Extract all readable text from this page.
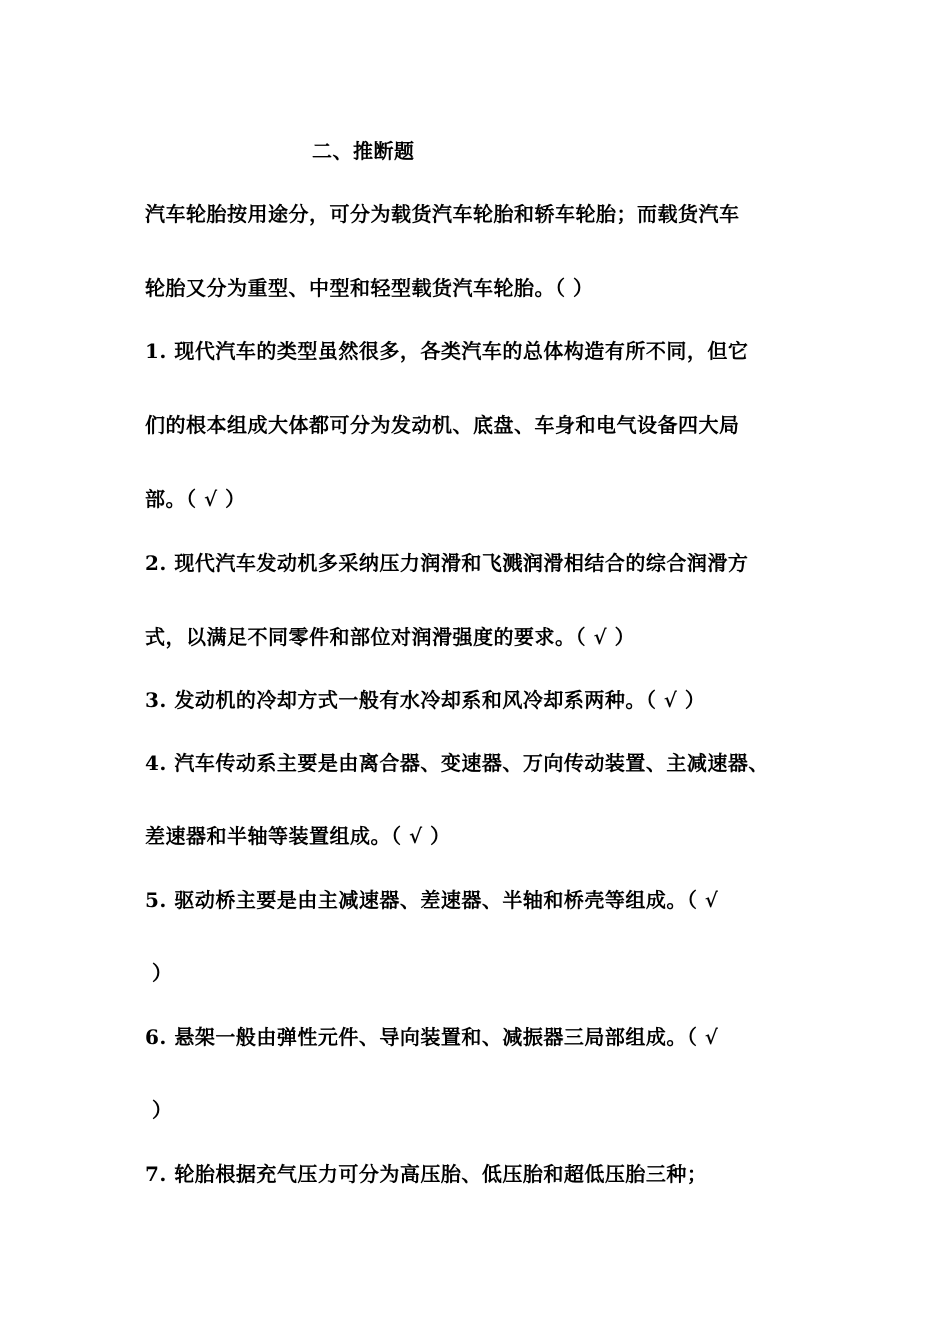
二、推断题
汽车轮胎按用途分，可分为载货汽车轮胎和轿车轮胎；而载货汽车
轮胎又分为重型、中型和轻型载货汽车轮胎。（ ）
1. 现代汽车的类型虽然很多，各类汽车的总体构造有所不同，但它
们的根本组成大体都可分为发动机、底盘、车身和电气设备四大局
部。（ √ ）
2. 现代汽车发动机多采纳压力润滑和飞溅润滑相结合的综合润滑方
式，以满足不同零件和部位对润滑强度的要求。（ √ ）
3. 发动机的冷却方式一般有水冷却系和风冷却系两种。（ √ ）
4. 汽车传动系主要是由离合器、变速器、万向传动装置、主减速器、
差速器和半轴等装置组成。（ √ ）
5. 驱动桥主要是由主减速器、差速器、半轴和桥壳等组成。（ √
）
6. 悬架一般由弹性元件、导向装置和、减振器三局部组成。（ √
）
7. 轮胎根据充气压力可分为高压胎、低压胎和超低压胎三种；
